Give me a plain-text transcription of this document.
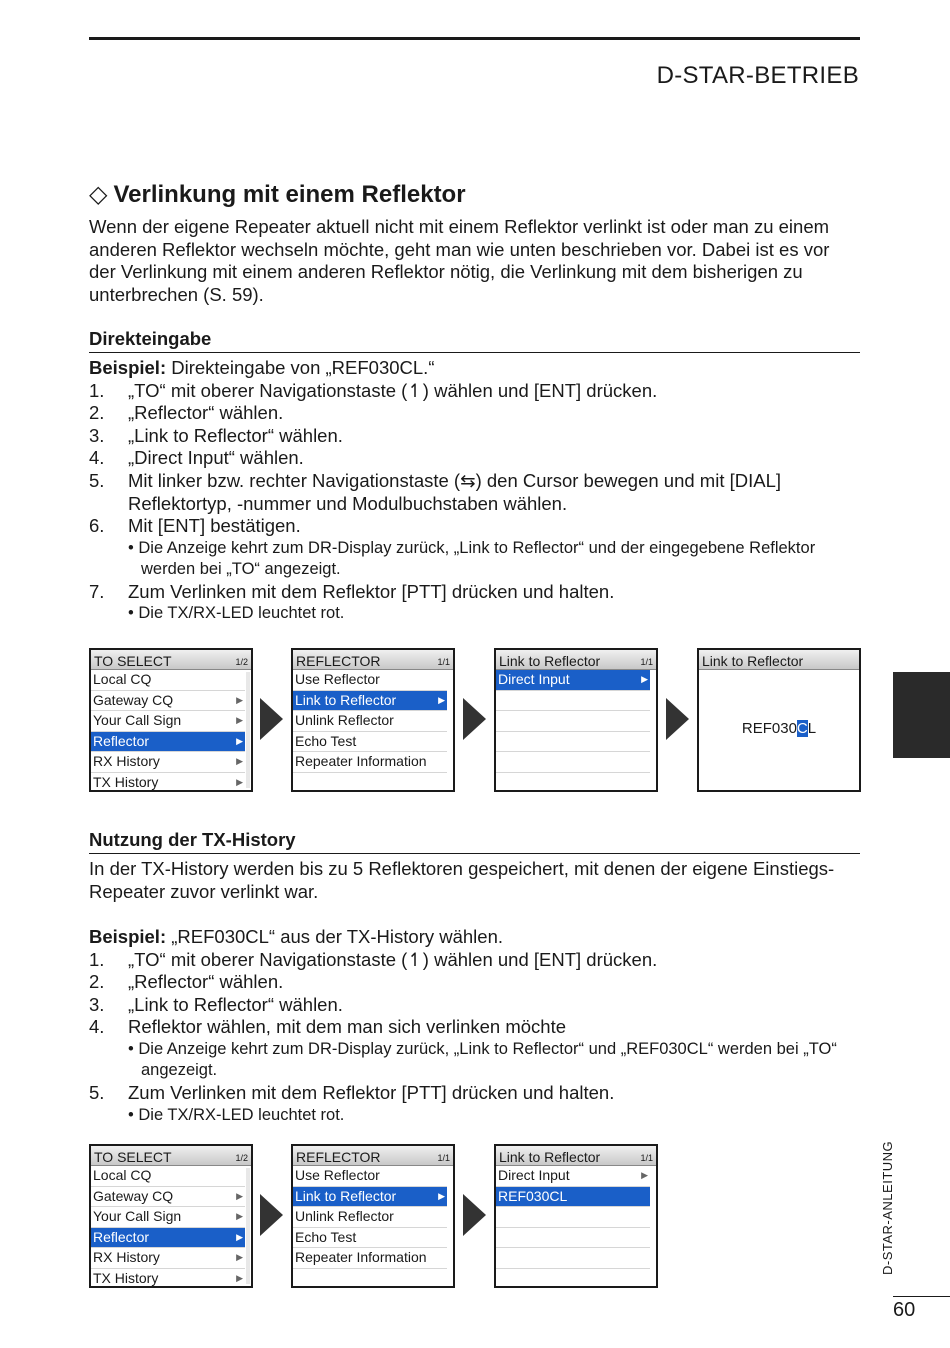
D-STAR-BETRIEB
◇ Verlinkung mit einem Reflektor
Wenn der eigene Repeater aktuell nicht mit einem Reflektor verlinkt ist oder man zu einem anderen Reflektor wechseln möchte, geht man wie unten beschrieben vor. Dabei ist es vor der Verlinkung mit einem anderen Reflektor nötig, die Verlinkung mit dem bisherigen zu unterbrechen (S. 59).
Direkteingabe
Beispiel: Direkteingabe von „REF030CL.“
1.	„TO“ mit oberer Navigationstaste (↿) wählen und [ENT] drücken.
2.	„Reflector“ wählen.
3.	„Link to Reflector“ wählen.
4.	„Direct Input“ wählen.
5.	Mit linker bzw. rechter Navigationstaste (⇆) den Cursor bewegen und mit [DIAL] Reflektortyp, -nummer und Modulbuchstaben wählen.
6.	Mit [ENT] bestätigen.
• Die Anzeige kehrt zum DR-Display zurück, „Link to Reflector“ und der eingegebene Reflektor werden bei „TO“ angezeigt.
7.	Zum Verlinken mit dem Reflektor [PTT] drücken und halten.
• Die TX/RX-LED leuchtet rot.
TO SELECT	1/2
Local CQ
Gateway CQ	▶
Your Call Sign	▶
Reflector	▶
RX History	▶
TX History	▶
REFLECTOR	1/1
Use Reflector
Link to Reflector	▶
Unlink Reflector
Echo Test
Repeater Information
Link to Reflector	1/1
Direct Input	▶
Link to Reflector
REF030CL
Nutzung der TX-History
In der TX-History werden bis zu 5 Reflektoren gespeichert, mit denen der eigene Einstiegs-Repeater zuvor verlinkt war.
Beispiel: „REF030CL“ aus der TX-History wählen.
1.	„TO“ mit oberer Navigationstaste (↿) wählen und [ENT] drücken.
2.	„Reflector“ wählen.
3.	„Link to Reflector“ wählen.
4.	Reflektor wählen, mit dem man sich verlinken möchte
• Die Anzeige kehrt zum DR-Display zurück, „Link to Reflector“ und „REF030CL“ werden bei „TO“ angezeigt.
5.	Zum Verlinken mit dem Reflektor [PTT] drücken und halten.
• Die TX/RX-LED leuchtet rot.
TO SELECT	1/2
Local CQ
Gateway CQ	▶
Your Call Sign	▶
Reflector	▶
RX History	▶
TX History	▶
REFLECTOR	1/1
Use Reflector
Link to Reflector	▶
Unlink Reflector
Echo Test
Repeater Information
Link to Reflector	1/1
Direct Input	▶
REF030CL	D-STAR-ANLEITUNG
60
